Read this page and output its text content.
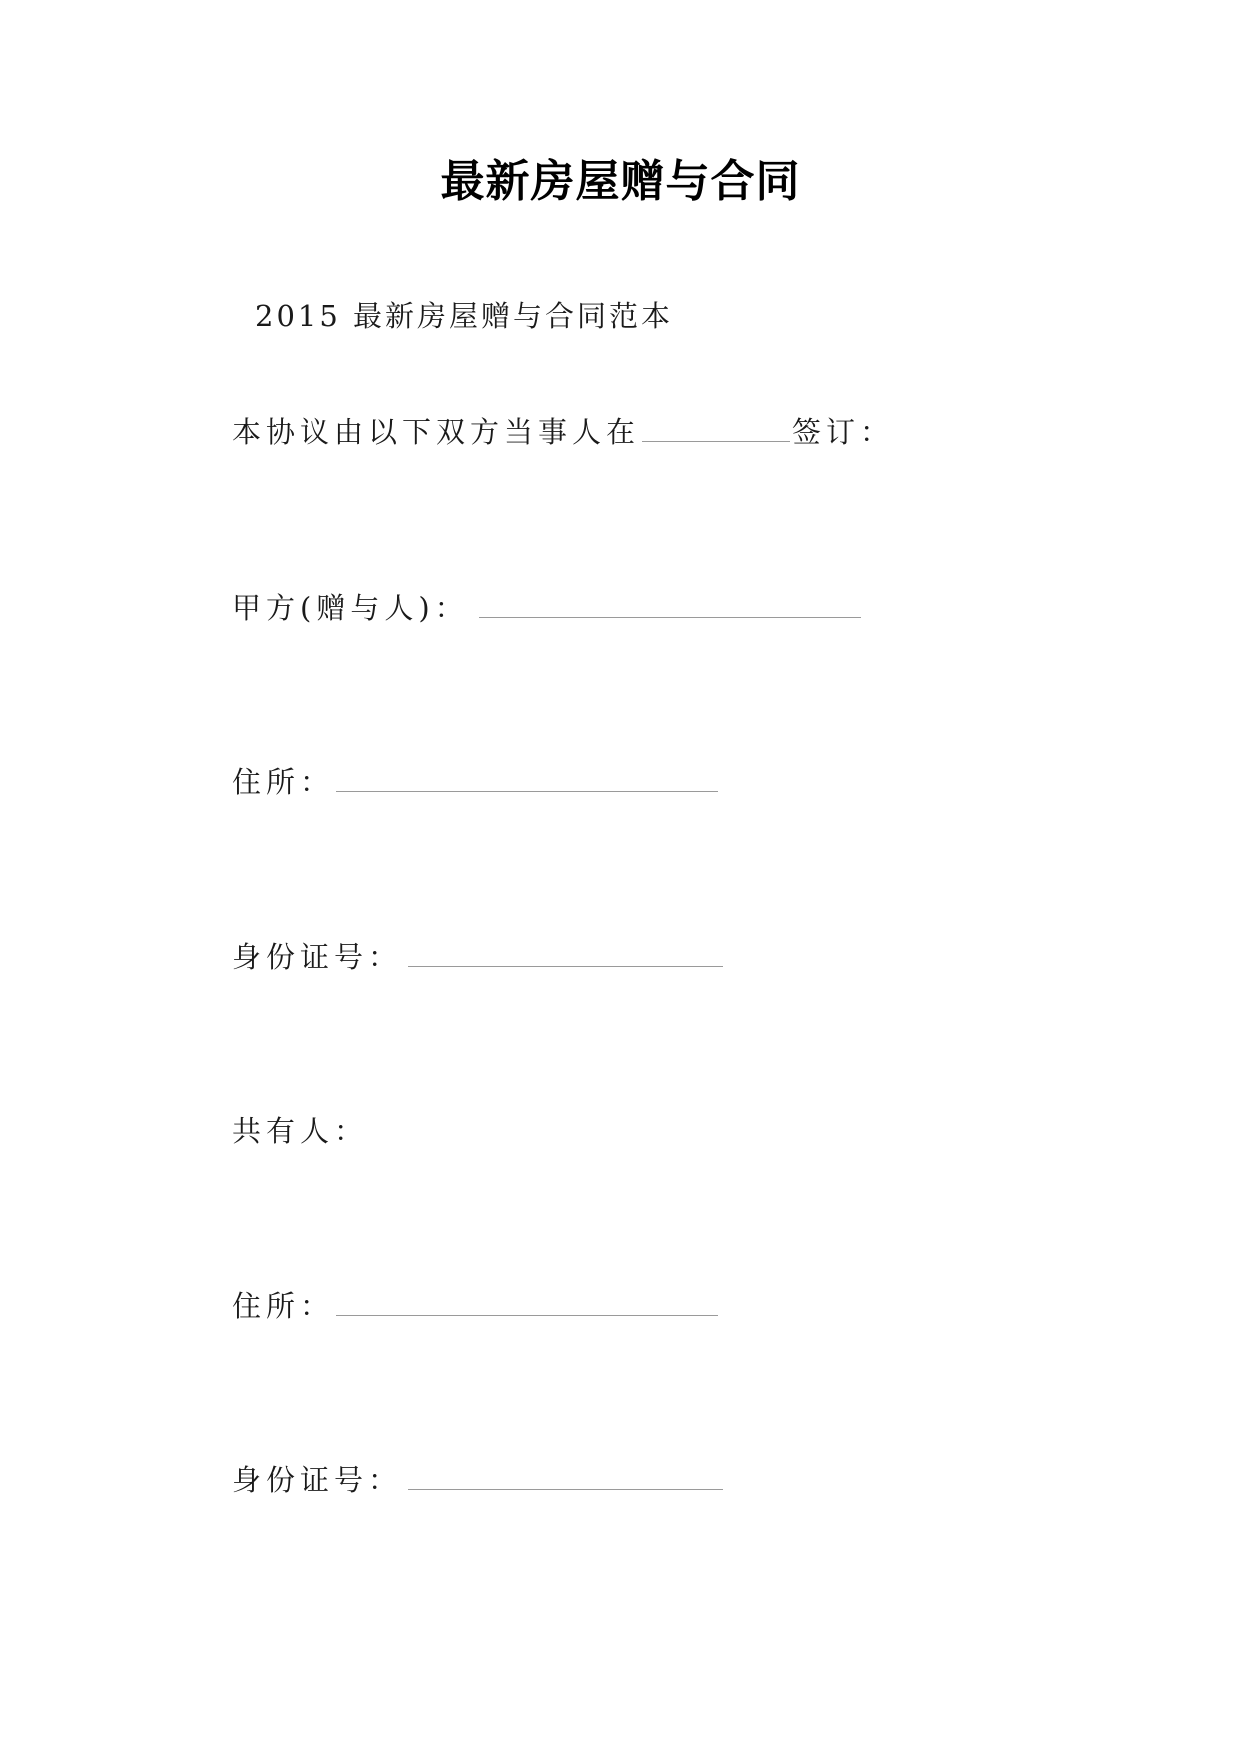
最新房屋赠与合同
2015 最新房屋赠与合同范本
本协议由以下双方当事人在	签订：
甲方(赠与人)：
住所：
身份证号：
共有人：
住所：
身份证号：
